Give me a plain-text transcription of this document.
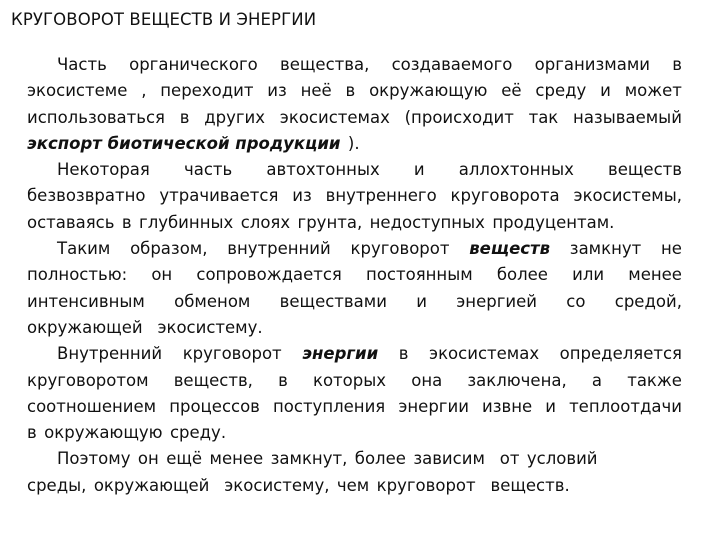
КРУГОВОРОТ ВЕЩЕСТВ И ЭНЕРГИИ
Часть органического вещества, создаваемого организмами в
экосистеме , переходит из неё в окружающую её среду и может
использоваться в других экосистемах (происходит так называемый
экспорт биотической продукции ).
Некоторая часть автохтонных и аллохтонных веществ
безвозвратно утрачивается из внутреннего круговорота экосистемы,
оставаясь в глубинных слоях грунта, недоступных продуцентам.
Таким образом, внутренний круговорот веществ замкнут не
полностью: он сопровождается постоянным более или менее
интенсивным обменом веществами и энергией со средой,
окружающей экосистему.
Внутренний круговорот энергии в экосистемах определяется
круговоротом веществ, в которых она заключена, а также
соотношением процессов поступления энергии извне и теплоотдачи
в окружающую среду.
Поэтому он ещё менее замкнут, более зависим от условий
среды, окружающей экосистему, чем круговорот веществ.
